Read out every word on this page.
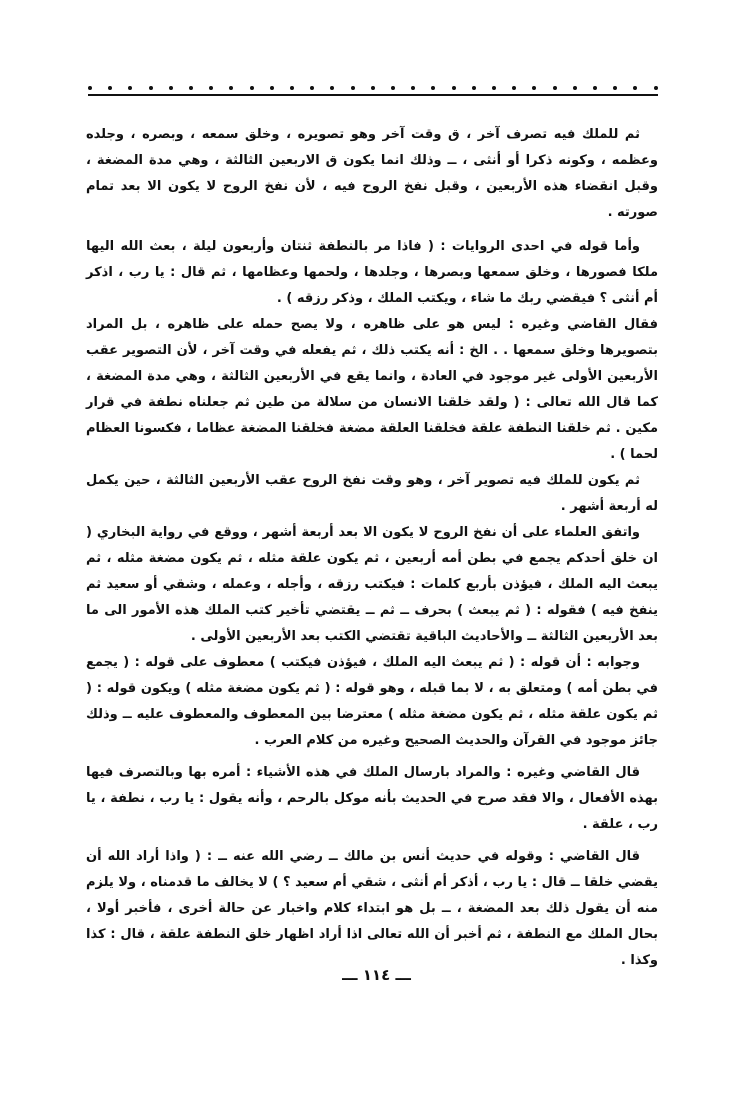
ثم للملك فيه تصرف آخر ، ق وقت آخر وهو تصويره ، وخلق سمعه ، وبصره ، وجلده وعظمه ، وكونه ذكرا أو أنثى ، ــ وذلك انما يكون ق الاربعين الثالثة ، وهي مدة المضغة ، وقبل انقضاء هذه الأربعين ، وقبل نفخ الروح فيه ، لأن نفخ الروح لا يكون الا بعد تمام صورته .

وأما قوله في احدى الروايات : ( فاذا مر بالنطفة ثنتان وأربعون ليلة ، بعث الله اليها ملكا فصورها ، وخلق سمعها وبصرها ، وجلدها ، ولحمها وعظامها ، ثم قال : يا رب ، اذكر أم أنثى ؟ فيقضي ربك ما شاء ، ويكتب الملك ، وذكر رزقه ) .

فقال القاضي وغيره : ليس هو على ظاهره ، ولا يصح حمله على ظاهره ، بل المراد بتصويرها وخلق سمعها . . الخ : أنه يكتب ذلك ، ثم يفعله في وقت آخر ، لأن التصوير عقب الأربعين الأولى غير موجود في العادة ، وانما يقع في الأربعين الثالثة ، وهي مدة المضغة ، كما قال الله تعالى : ( ولقد خلقنا الانسان من سلالة من طين ثم جعلناه نطفة في قرار مكين . ثم خلقنا النطفة علقة فخلقنا العلقة مضغة فخلقنا المضغة عظاما ، فكسونا العظام لحما ) .

ثم يكون للملك فيه تصوير آخر ، وهو وقت نفخ الروح عقب الأربعين الثالثة ، حين يكمل له أربعة أشهر .

واتفق العلماء على أن نفخ الروح لا يكون الا بعد أربعة أشهر ، ووقع في رواية البخاري ( ان خلق أحدكم يجمع في بطن أمه أربعين ، ثم يكون علقة مثله ، ثم يكون مضغة مثله ، ثم يبعث اليه الملك ، فيؤذن بأربع كلمات : فيكتب رزقه ، وأجله ، وعمله ، وشقي أو سعيد ثم ينفخ فيه ) فقوله : ( ثم يبعث ) بحرف ــ ثم ــ يقتضي تأخير كتب الملك هذه الأمور الى ما بعد الأربعين الثالثة ــ والأحاديث الباقية تقتضي الكتب بعد الأربعين الأولى .

وجوابه : أن قوله : ( ثم يبعث اليه الملك ، فيؤذن فيكتب ) معطوف على قوله : ( يجمع في بطن أمه ) ومتعلق به ، لا بما قبله ، وهو قوله : ( ثم يكون مضغة مثله ) ويكون قوله : ( ثم يكون علقة مثله ، ثم يكون مضغة مثله ) معترضا بين المعطوف والمعطوف عليه ــ وذلك جائز موجود في القرآن والحديث الصحيح وغيره من كلام العرب .

قال القاضي وغيره : والمراد بارسال الملك في هذه الأشياء : أمره بها وبالتصرف فيها بهذه الأفعال ، والا فقد صرح في الحديث بأنه موكل بالرحم ، وأنه يقول : يا رب ، نطفة ، يا رب ، علقة .

قال القاضي : وقوله في حديث أنس بن مالك ــ رضي الله عنه ــ : ( واذا أراد الله أن يقضي خلقا ــ قال : يا رب ، أذكر أم أنثى ، شقي أم سعيد ؟ ) لا يخالف ما قدمناه ، ولا يلزم منه أن يقول ذلك بعد المضغة ، ــ بل هو ابتداء كلام واخبار عن حالة أخرى ، فأخبر أولا ، بحال الملك مع النطفة ، ثم أخبر أن الله تعالى اذا أراد اظهار خلق النطفة علقة ، قال : كذا وكذا .

ـــ ١١٤ ـــ
